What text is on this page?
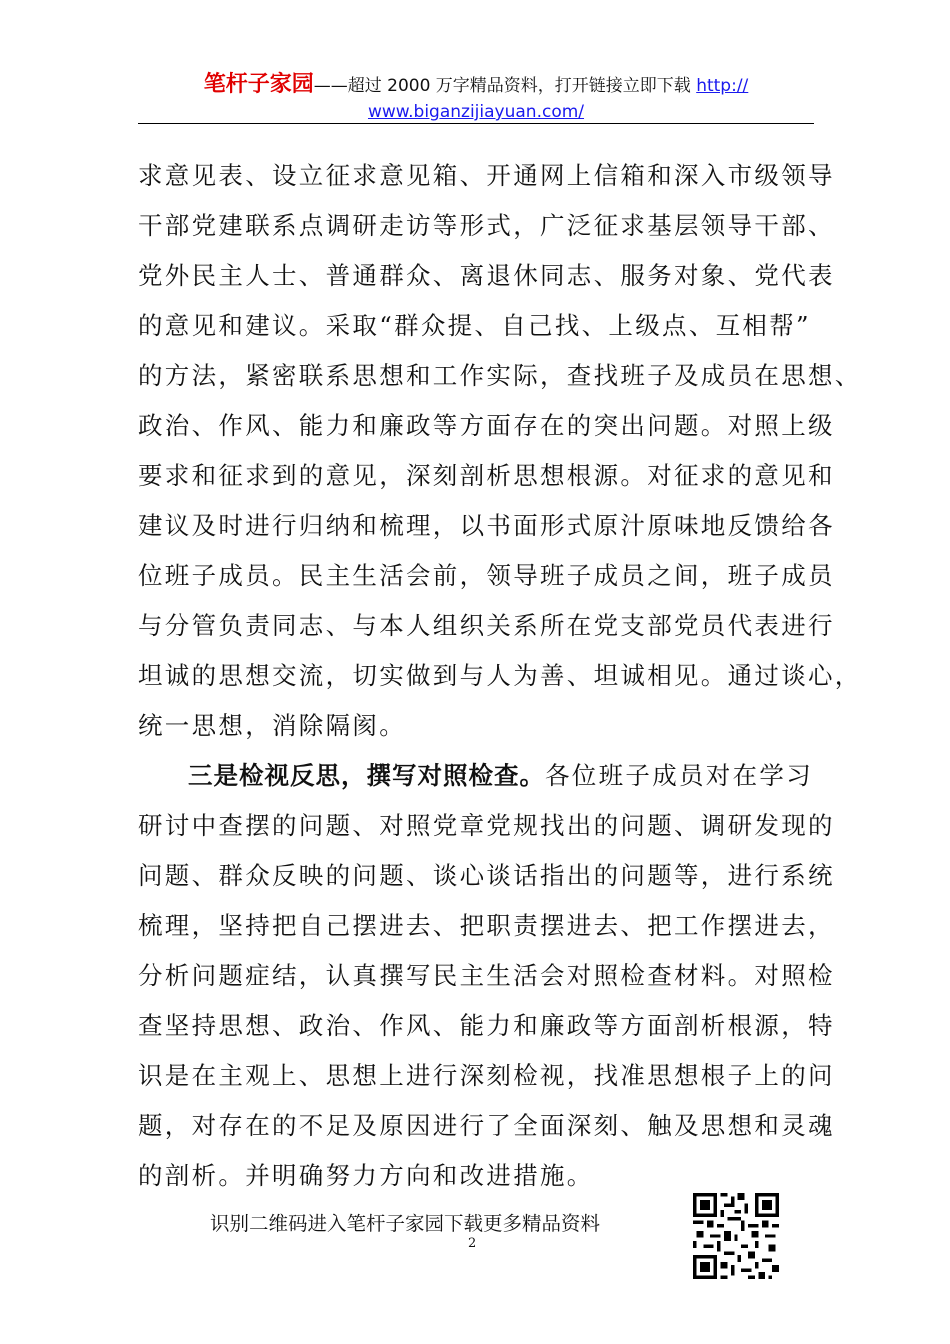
笔杆子家园——超过 2000 万字精品资料，打开链接立即下载 http://
www.biganzijiayuan.com/
求意见表、设立征求意见箱、开通网上信箱和深入市级领导
干部党建联系点调研走访等形式，广泛征求基层领导干部、
党外民主人士、普通群众、离退休同志、服务对象、党代表
的意见和建议。采取“群众提、自己找、上级点、互相帮”
的方法，紧密联系思想和工作实际，查找班子及成员在思想、
政治、作风、能力和廉政等方面存在的突出问题。对照上级
要求和征求到的意见，深刻剖析思想根源。对征求的意见和
建议及时进行归纳和梳理，以书面形式原汁原味地反馈给各
位班子成员。民主生活会前，领导班子成员之间，班子成员
与分管负责同志、与本人组织关系所在党支部党员代表进行
坦诚的思想交流，切实做到与人为善、坦诚相见。通过谈心，
统一思想，消除隔阂。
三是检视反思，撰写对照检查。各位班子成员对在学习
研讨中查摆的问题、对照党章党规找出的问题、调研发现的
问题、群众反映的问题、谈心谈话指出的问题等，进行系统
梳理，坚持把自己摆进去、把职责摆进去、把工作摆进去，
分析问题症结，认真撰写民主生活会对照检查材料。对照检
查坚持思想、政治、作风、能力和廉政等方面剖析根源，特
识是在主观上、思想上进行深刻检视，找准思想根子上的问
题，对存在的不足及原因进行了全面深刻、触及思想和灵魂
的剖析。并明确努力方向和改进措施。
识别二维码进入笔杆子家园下载更多精品资料
2
